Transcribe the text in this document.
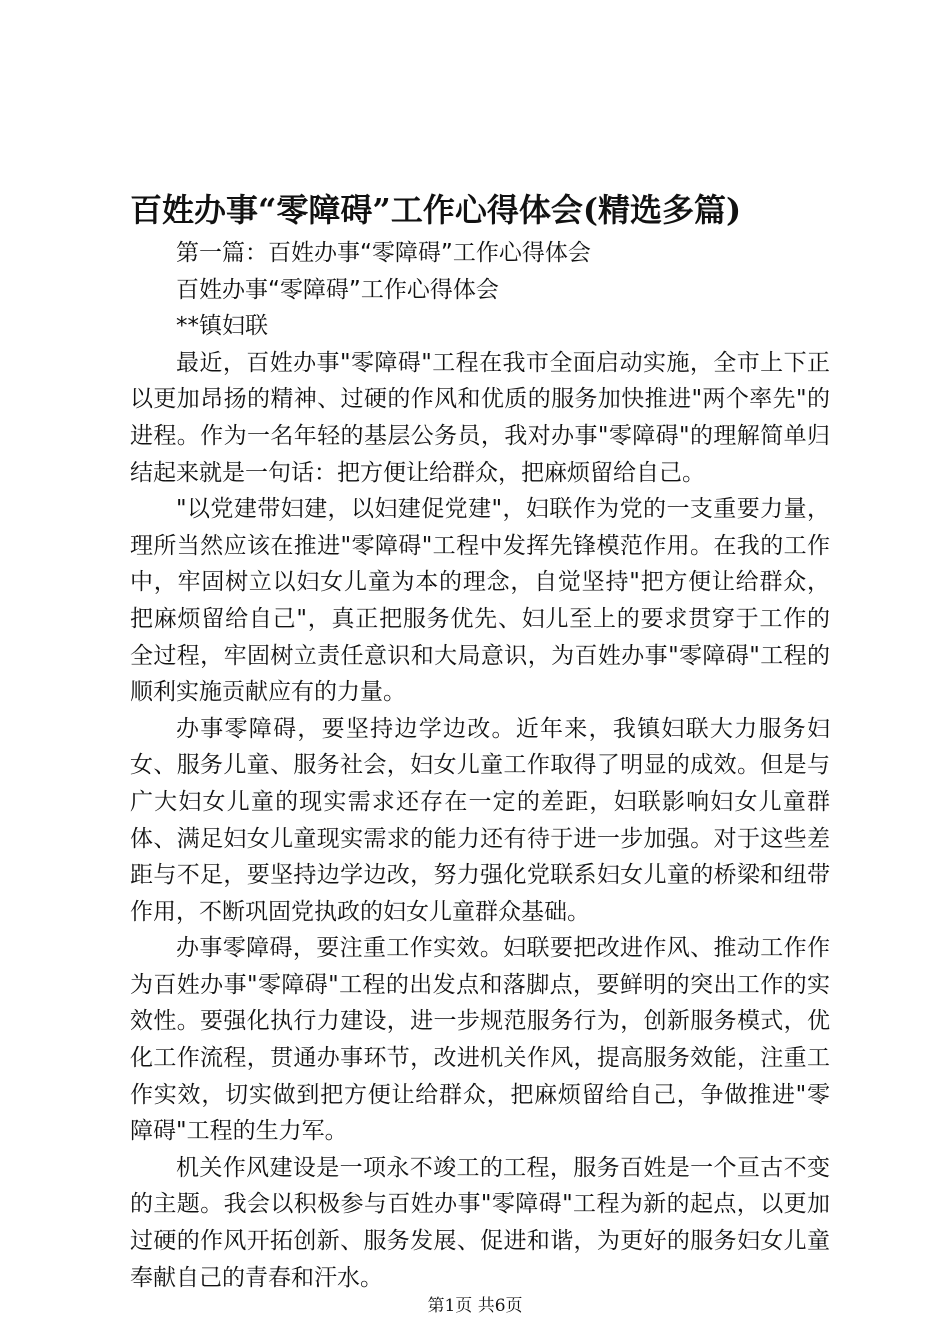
百姓办事“零障碍”工作心得体会(精选多篇)

第一篇：百姓办事“零障碍”工作心得体会

百姓办事“零障碍”工作心得体会

**镇妇联

最近，百姓办事"零障碍"工程在我市全面启动实施，全市上下正以更加昂扬的精神、过硬的作风和优质的服务加快推进"两个率先"的进程。作为一名年轻的基层公务员，我对办事"零障碍"的理解简单归结起来就是一句话：把方便让给群众，把麻烦留给自己。

"以党建带妇建，以妇建促党建"，妇联作为党的一支重要力量，理所当然应该在推进"零障碍"工程中发挥先锋模范作用。在我的工作中，牢固树立以妇女儿童为本的理念，自觉坚持"把方便让给群众，把麻烦留给自己"，真正把服务优先、妇儿至上的要求贯穿于工作的全过程，牢固树立责任意识和大局意识，为百姓办事"零障碍"工程的顺利实施贡献应有的力量。

办事零障碍，要坚持边学边改。近年来，我镇妇联大力服务妇女、服务儿童、服务社会，妇女儿童工作取得了明显的成效。但是与广大妇女儿童的现实需求还存在一定的差距，妇联影响妇女儿童群体、满足妇女儿童现实需求的能力还有待于进一步加强。对于这些差距与不足，要坚持边学边改，努力强化党联系妇女儿童的桥梁和纽带作用，不断巩固党执政的妇女儿童群众基础。

办事零障碍，要注重工作实效。妇联要把改进作风、推动工作作为百姓办事"零障碍"工程的出发点和落脚点，要鲜明的突出工作的实效性。要强化执行力建设，进一步规范服务行为，创新服务模式，优化工作流程，贯通办事环节，改进机关作风，提高服务效能，注重工作实效，切实做到把方便让给群众，把麻烦留给自己，争做推进"零障碍"工程的生力军。

机关作风建设是一项永不竣工的工程，服务百姓是一个亘古不变的主题。我会以积极参与百姓办事"零障碍"工程为新的起点，以更加过硬的作风开拓创新、服务发展、促进和谐，为更好的服务妇女儿童奉献自己的青春和汗水。

第1页 共6页
